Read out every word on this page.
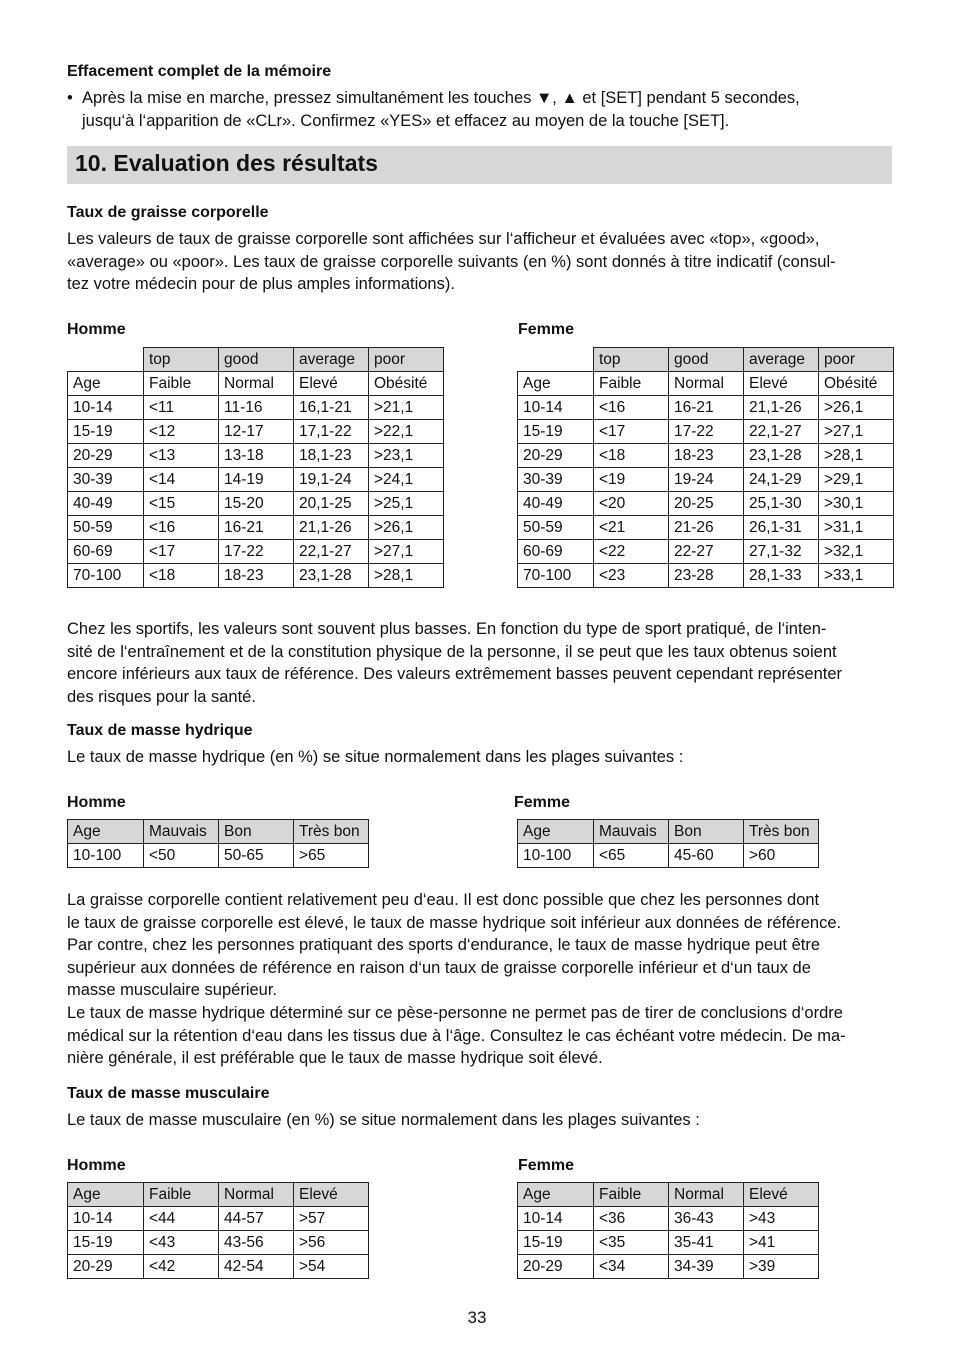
Effacement complet de la mémoire
• Après la mise en marche, pressez simultanément les touches ▼, ▲ et [SET] pendant 5 secondes,
jusqu‘à l‘apparition de «CLr». Confirmez «YES» et effacez au moyen de la touche [SET].
10. Evaluation des résultats
Taux de graisse corporelle
Les valeurs de taux de graisse corporelle sont affichées sur l‘afficheur et évaluées avec «top», «good»,
«average» ou «poor». Les taux de graisse corporelle suivants (en %) sont donnés à titre indicatif (consul-
tez votre médecin pour de plus amples informations).
Homme	Femme
	top	good	average	poor
Age	Faible	Normal	Elevé	Obésité
10-14	<11	11-16	16,1-21	>21,1
15-19	<12	12-17	17,1-22	>22,1
20-29	<13	13-18	18,1-23	>23,1
30-39	<14	14-19	19,1-24	>24,1
40-49	<15	15-20	20,1-25	>25,1
50-59	<16	16-21	21,1-26	>26,1
60-69	<17	17-22	22,1-27	>27,1
70-100	<18	18-23	23,1-28	>28,1
	top	good	average	poor
Age	Faible	Normal	Elevé	Obésité
10-14	<16	16-21	21,1-26	>26,1
15-19	<17	17-22	22,1-27	>27,1
20-29	<18	18-23	23,1-28	>28,1
30-39	<19	19-24	24,1-29	>29,1
40-49	<20	20-25	25,1-30	>30,1
50-59	<21	21-26	26,1-31	>31,1
60-69	<22	22-27	27,1-32	>32,1
70-100	<23	23-28	28,1-33	>33,1
Chez les sportifs, les valeurs sont souvent plus basses. En fonction du type de sport pratiqué, de l‘inten-
sité de l‘entraînement et de la constitution physique de la personne, il se peut que les taux obtenus soient
encore inférieurs aux taux de référence. Des valeurs extrêmement basses peuvent cependant représenter
des risques pour la santé.
Taux de masse hydrique
Le taux de masse hydrique (en %) se situe normalement dans les plages suivantes :
Homme	Femme
Age	Mauvais	Bon	Très bon
10-100	<50	50-65	>65
Age	Mauvais	Bon	Très bon
10-100	<65	45-60	>60
La graisse corporelle contient relativement peu d‘eau. Il est donc possible que chez les personnes dont
le taux de graisse corporelle est élevé, le taux de masse hydrique soit inférieur aux données de référence.
Par contre, chez les personnes pratiquant des sports d‘endurance, le taux de masse hydrique peut être
supérieur aux données de référence en raison d‘un taux de graisse corporelle inférieur et d‘un taux de
masse musculaire supérieur.
Le taux de masse hydrique déterminé sur ce pèse-personne ne permet pas de tirer de conclusions d‘ordre
médical sur la rétention d‘eau dans les tissus due à l‘âge. Consultez le cas échéant votre médecin. De ma-
nière générale, il est préférable que le taux de masse hydrique soit élevé.
Taux de masse musculaire
Le taux de masse musculaire (en %) se situe normalement dans les plages suivantes :
Homme	Femme
Age	Faible	Normal	Elevé
10-14	<44	44-57	>57
15-19	<43	43-56	>56
20-29	<42	42-54	>54
Age	Faible	Normal	Elevé
10-14	<36	36-43	>43
15-19	<35	35-41	>41
20-29	<34	34-39	>39
33
